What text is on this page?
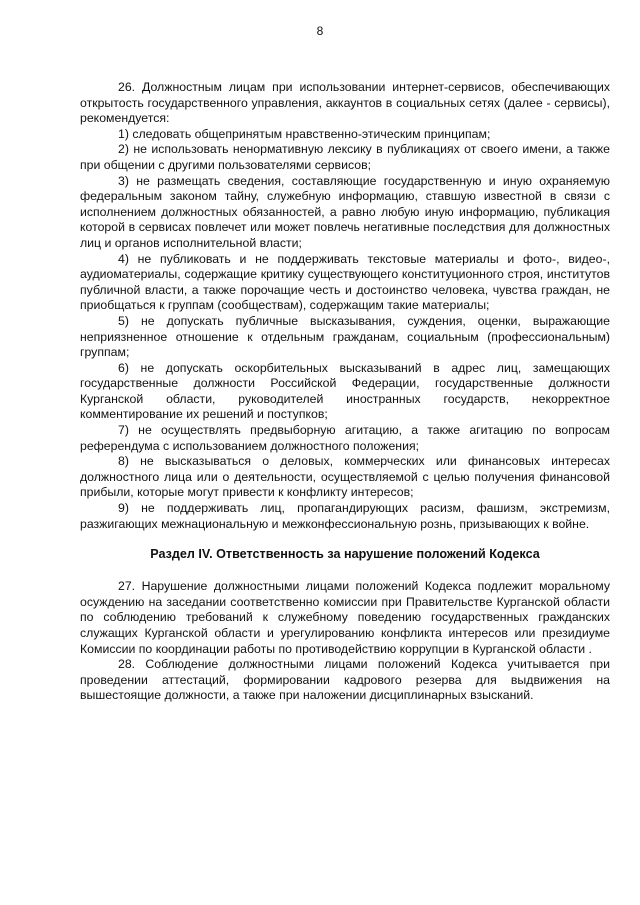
8

26. Должностным лицам при использовании интернет-сервисов, обеспечивающих открытость государственного управления, аккаунтов в социальных сетях (далее - сервисы), рекомендуется:

1) следовать общепринятым нравственно-этическим принципам;

2) не использовать ненормативную лексику в публикациях от своего имени, а также при общении с другими пользователями сервисов;

3) не размещать сведения, составляющие государственную и иную охраняемую федеральным законом тайну, служебную информацию, ставшую известной в связи с исполнением должностных обязанностей, а равно любую иную информацию, публикация которой в сервисах повлечет или может повлечь негативные последствия для должностных лиц и органов исполнительной власти;

4) не публиковать и не поддерживать текстовые материалы и фото-, видео-, аудиоматериалы, содержащие критику существующего конституционного строя, институтов публичной власти, а также порочащие честь и достоинство человека, чувства граждан, не приобщаться к группам (сообществам), содержащим такие материалы;

5) не допускать публичные высказывания, суждения, оценки, выражающие неприязненное отношение к отдельным гражданам, социальным (профессиональным) группам;

6) не допускать оскорбительных высказываний в адрес лиц, замещающих государственные должности Российской Федерации, государственные должности Курганской области, руководителей иностранных государств, некорректное комментирование их решений и поступков;

7) не осуществлять предвыборную агитацию, а также агитацию по вопросам референдума с использованием должностного положения;

8) не высказываться о деловых, коммерческих или финансовых интересах должностного лица или о деятельности, осуществляемой с целью получения финансовой прибыли, которые могут привести к конфликту интересов;

9) не поддерживать лиц, пропагандирующих расизм, фашизм, экстремизм, разжигающих межнациональную и межконфессиональную рознь, призывающих к войне.

Раздел IV. Ответственность за нарушение положений Кодекса

27. Нарушение должностными лицами положений Кодекса подлежит моральному осуждению на заседании соответственно комиссии при Правительстве Курганской области по соблюдению требований к служебному поведению государственных гражданских служащих Курганской области и урегулированию конфликта интересов или президиуме Комиссии по координации работы по противодействию коррупции в Курганской области .

28. Соблюдение должностными лицами положений Кодекса учитывается при проведении аттестаций, формировании кадрового резерва для выдвижения на вышестоящие должности, а также при наложении дисциплинарных взысканий.
